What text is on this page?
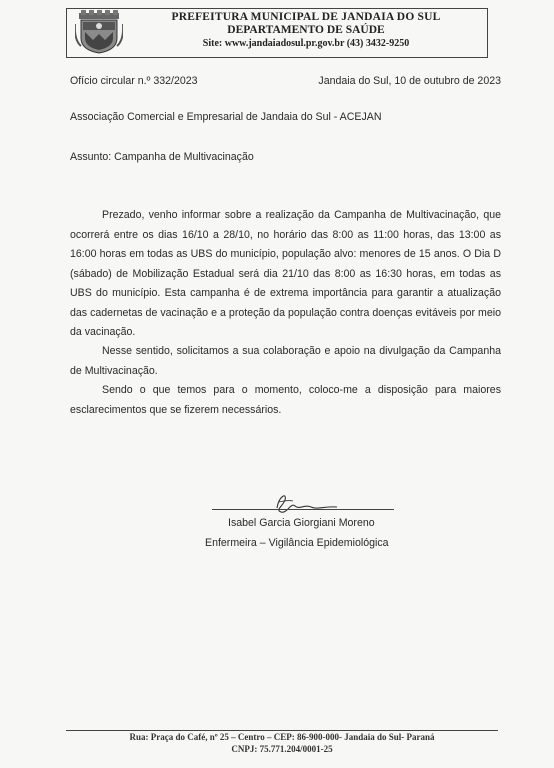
PREFEITURA MUNICIPAL DE JANDAIA DO SUL
DEPARTAMENTO DE SAÚDE
Site: www.jandaiadosul.pr.gov.br (43) 3432-9250
Ofício circular n.º 332/2023	Jandaia do Sul, 10 de outubro de 2023
Associação Comercial e Empresarial de Jandaia do Sul - ACEJAN
Assunto: Campanha de Multivacinação
Prezado, venho informar sobre a realização da Campanha de Multivacinação, que ocorrerá entre os dias 16/10 a 28/10, no horário das 8:00 as 11:00 horas, das 13:00 as 16:00 horas em todas as UBS do município, população alvo: menores de 15 anos. O Dia D (sábado) de Mobilização Estadual será dia 21/10 das 8:00 as 16:30 horas, em todas as UBS do município. Esta campanha é de extrema importância para garantir a atualização das cadernetas de vacinação e a proteção da população contra doenças evitáveis por meio da vacinação.
Nesse sentido, solicitamos a sua colaboração e apoio na divulgação da Campanha de Multivacinação.
Sendo o que temos para o momento, coloco-me a disposição para maiores esclarecimentos que se fizerem necessários.
Isabel Garcia Giorgiani Moreno
Enfermeira – Vigilância Epidemiológica
Rua: Praça do Café, nº 25 – Centro – CEP: 86-900-000- Jandaia do Sul- Paraná
CNPJ: 75.771.204/0001-25
